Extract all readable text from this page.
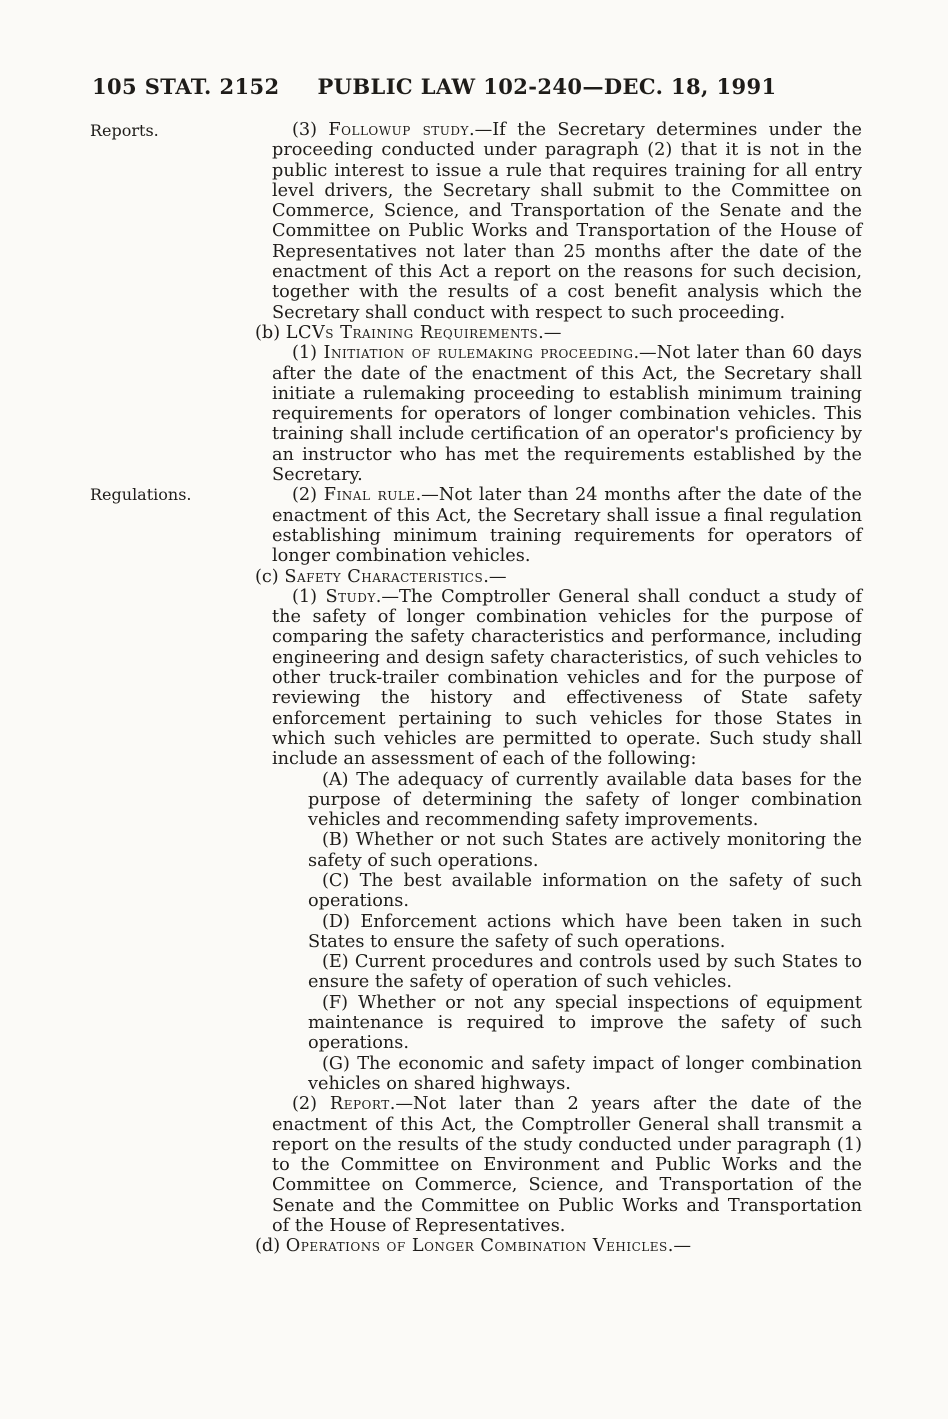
105 STAT. 2152 PUBLIC LAW 102-240—DEC. 18, 1991
Reports.
Regulations.

(3) Followup study.—If the Secretary determines under the proceeding conducted under paragraph (2) that it is not in the public interest to issue a rule that requires training for all entry level drivers, the Secretary shall submit to the Committee on Commerce, Science, and Transportation of the Senate and the Committee on Public Works and Transportation of the House of Representatives not later than 25 months after the date of the enactment of this Act a report on the reasons for such decision, together with the results of a cost benefit analysis which the Secretary shall conduct with respect to such proceeding.

(b) LCVs Training Requirements.—

(1) Initiation of rulemaking proceeding.—Not later than 60 days after the date of the enactment of this Act, the Secretary shall initiate a rulemaking proceeding to establish minimum training requirements for operators of longer combination vehicles. This training shall include certification of an operator's proficiency by an instructor who has met the requirements established by the Secretary.

(2) Final rule.—Not later than 24 months after the date of the enactment of this Act, the Secretary shall issue a final regulation establishing minimum training requirements for operators of longer combination vehicles.

(c) Safety Characteristics.—

(1) Study.—The Comptroller General shall conduct a study of the safety of longer combination vehicles for the purpose of comparing the safety characteristics and performance, including engineering and design safety characteristics, of such vehicles to other truck-trailer combination vehicles and for the purpose of reviewing the history and effectiveness of State safety enforcement pertaining to such vehicles for those States in which such vehicles are permitted to operate. Such study shall include an assessment of each of the following:

(A) The adequacy of currently available data bases for the purpose of determining the safety of longer combination vehicles and recommending safety improvements.

(B) Whether or not such States are actively monitoring the safety of such operations.

(C) The best available information on the safety of such operations.

(D) Enforcement actions which have been taken in such States to ensure the safety of such operations.

(E) Current procedures and controls used by such States to ensure the safety of operation of such vehicles.

(F) Whether or not any special inspections of equipment maintenance is required to improve the safety of such operations.

(G) The economic and safety impact of longer combination vehicles on shared highways.

(2) Report.—Not later than 2 years after the date of the enactment of this Act, the Comptroller General shall transmit a report on the results of the study conducted under paragraph (1) to the Committee on Environment and Public Works and the Committee on Commerce, Science, and Transportation of the Senate and the Committee on Public Works and Transportation of the House of Representatives.

(d) Operations of Longer Combination Vehicles.—
